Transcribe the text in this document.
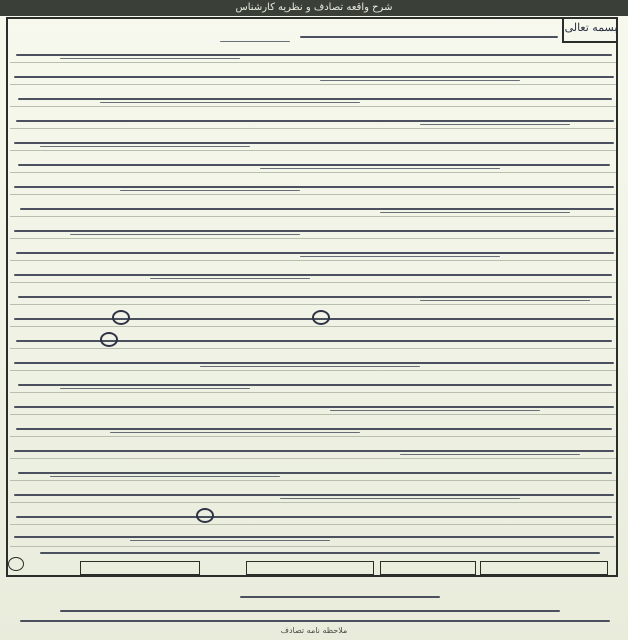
شرح واقعه تصادف و نظريه کارشناس
بسمه تعالی
ملاحظه نامه تصادف
